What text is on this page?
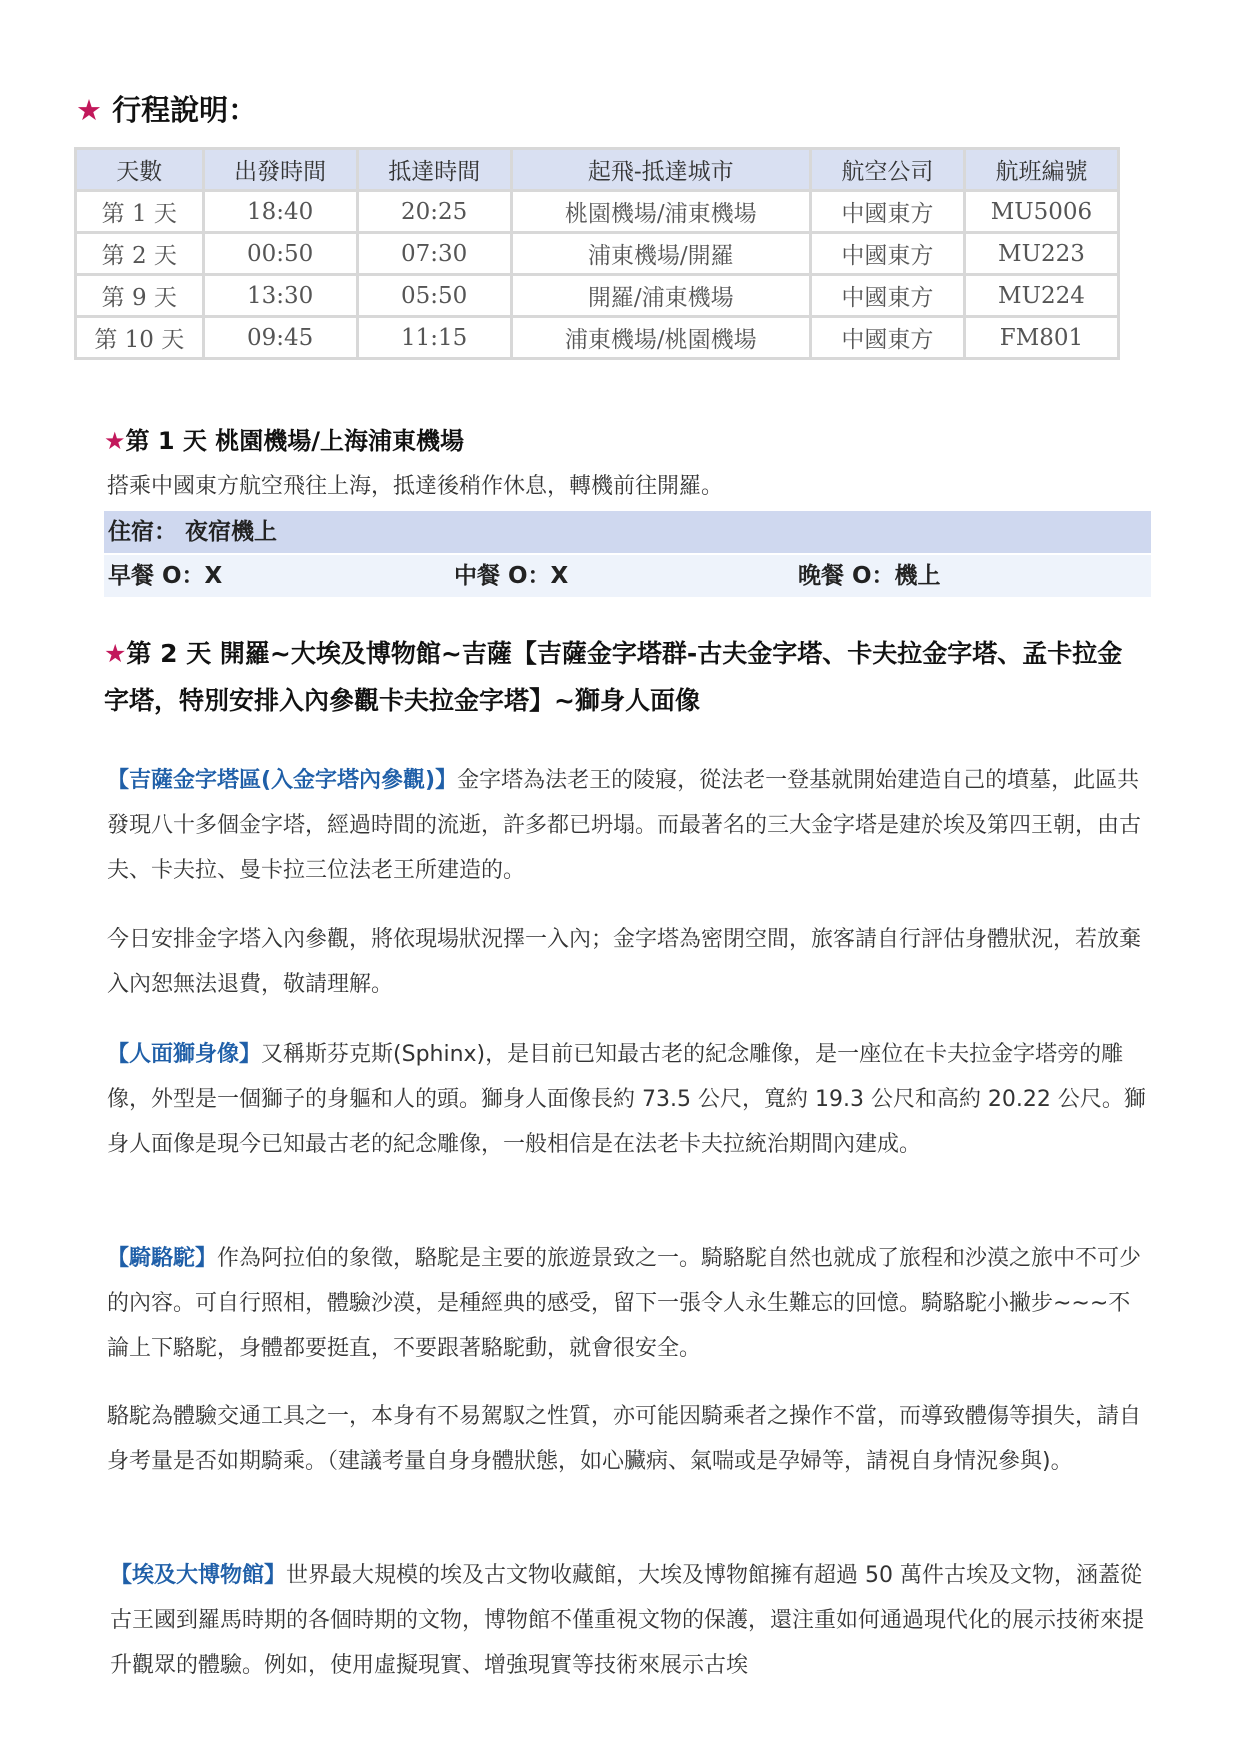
★ 行程說明：
天數	出發時間	抵達時間	起飛-抵達城市	航空公司	航班編號
第 1 天	18:40	20:25	桃園機場/浦東機場	中國東方	MU5006
第 2 天	00:50	07:30	浦東機場/開羅	中國東方	MU223
第 9 天	13:30	05:50	開羅/浦東機場	中國東方	MU224
第 10 天	09:45	11:15	浦東機場/桃園機場	中國東方	FM801
★第 1 天 桃園機場/上海浦東機場
搭乘中國東方航空飛往上海，抵達後稍作休息，轉機前往開羅。
住宿： 夜宿機上
早餐 O：X	中餐 O：X	晚餐 O：機上
★第 2 天 開羅~大埃及博物館~吉薩【吉薩金字塔群-古夫金字塔、卡夫拉金字塔、孟卡拉金字塔，特別安排入內參觀卡夫拉金字塔】~獅身人面像
【吉薩金字塔區(入金字塔內參觀)】金字塔為法老王的陵寢，從法老一登基就開始建造自己的墳墓，此區共發現八十多個金字塔，經過時間的流逝，許多都已坍塌。而最著名的三大金字塔是建於埃及第四王朝，由古夫、卡夫拉、曼卡拉三位法老王所建造的。
今日安排金字塔入內參觀，將依現場狀況擇一入內；金字塔為密閉空間，旅客請自行評估身體狀況，若放棄入內恕無法退費，敬請理解。
【人面獅身像】又稱斯芬克斯(Sphinx)，是目前已知最古老的紀念雕像，是一座位在卡夫拉金字塔旁的雕像，外型是一個獅子的身軀和人的頭。獅身人面像長約 73.5 公尺，寬約 19.3 公尺和高約 20.22 公尺。獅身人面像是現今已知最古老的紀念雕像，一般相信是在法老卡夫拉統治期間內建成。
【騎駱駝】作為阿拉伯的象徵，駱駝是主要的旅遊景致之一。騎駱駝自然也就成了旅程和沙漠之旅中不可少的內容。可自行照相，體驗沙漠，是種經典的感受，留下一張令人永生難忘的回憶。騎駱駝小撇步~~~不論上下駱駝，身體都要挺直，不要跟著駱駝動，就會很安全。
駱駝為體驗交通工具之一，本身有不易駕馭之性質，亦可能因騎乘者之操作不當，而導致體傷等損失，請自身考量是否如期騎乘。（建議考量自身身體狀態，如心臟病、氣喘或是孕婦等，請視自身情況參與)。
【埃及大博物館】世界最大規模的埃及古文物收藏館，大埃及博物館擁有超過 50 萬件古埃及文物，涵蓋從古王國到羅馬時期的各個時期的文物，博物館不僅重視文物的保護，還注重如何通過現代化的展示技術來提升觀眾的體驗。例如，使用虛擬現實、增強現實等技術來展示古埃
